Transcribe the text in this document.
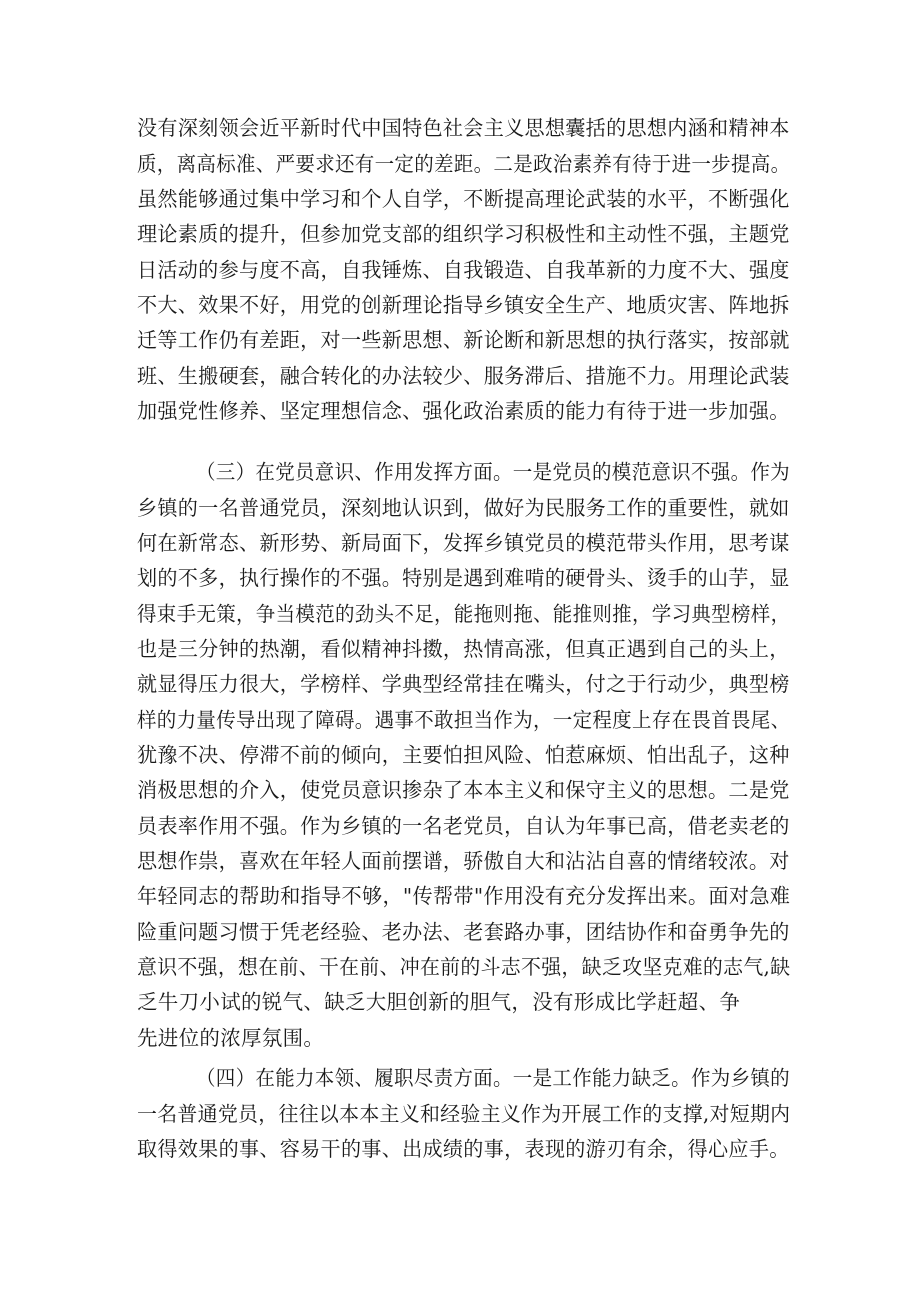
没有深刻领会近平新时代中国特色社会主义思想囊括的思想内涵和精神本
质，离高标准、严要求还有一定的差距。二是政治素养有待于进一步提高。
虽然能够通过集中学习和个人自学，不断提高理论武装的水平，不断强化
理论素质的提升，但参加党支部的组织学习积极性和主动性不强，主题党
日活动的参与度不高，自我锤炼、自我锻造、自我革新的力度不大、强度
不大、效果不好，用党的创新理论指导乡镇安全生产、地质灾害、阵地拆
迁等工作仍有差距，对一些新思想、新论断和新思想的执行落实，按部就
班、生搬硬套，融合转化的办法较少、服务滞后、措施不力。用理论武装
加强党性修养、坚定理想信念、强化政治素质的能力有待于进一步加强。
（三）在党员意识、作用发挥方面。一是党员的模范意识不强。作为
乡镇的一名普通党员，深刻地认识到，做好为民服务工作的重要性，就如
何在新常态、新形势、新局面下，发挥乡镇党员的模范带头作用，思考谋
划的不多，执行操作的不强。特别是遇到难啃的硬骨头、烫手的山芋，显
得束手无策，争当模范的劲头不足，能拖则拖、能推则推，学习典型榜样，
也是三分钟的热潮，看似精神抖擞，热情高涨，但真正遇到自己的头上，
就显得压力很大，学榜样、学典型经常挂在嘴头，付之于行动少，典型榜
样的力量传导出现了障碍。遇事不敢担当作为，一定程度上存在畏首畏尾、
犹豫不决、停滞不前的倾向，主要怕担风险、怕惹麻烦、怕出乱子，这种
消极思想的介入，使党员意识掺杂了本本主义和保守主义的思想。二是党
员表率作用不强。作为乡镇的一名老党员，自认为年事已高，借老卖老的
思想作祟，喜欢在年轻人面前摆谱，骄傲自大和沾沾自喜的情绪较浓。对
年轻同志的帮助和指导不够，"传帮带"作用没有充分发挥出来。面对急难
险重问题习惯于凭老经验、老办法、老套路办事，团结协作和奋勇争先的
意识不强，想在前、干在前、冲在前的斗志不强，缺乏攻坚克难的志气,缺
乏牛刀小试的锐气、缺乏大胆创新的胆气，没有形成比学赶超、争
先进位的浓厚氛围。
（四）在能力本领、履职尽责方面。一是工作能力缺乏。作为乡镇的
一名普通党员，往往以本本主义和经验主义作为开展工作的支撑,对短期内
取得效果的事、容易干的事、出成绩的事，表现的游刃有余，得心应手。
